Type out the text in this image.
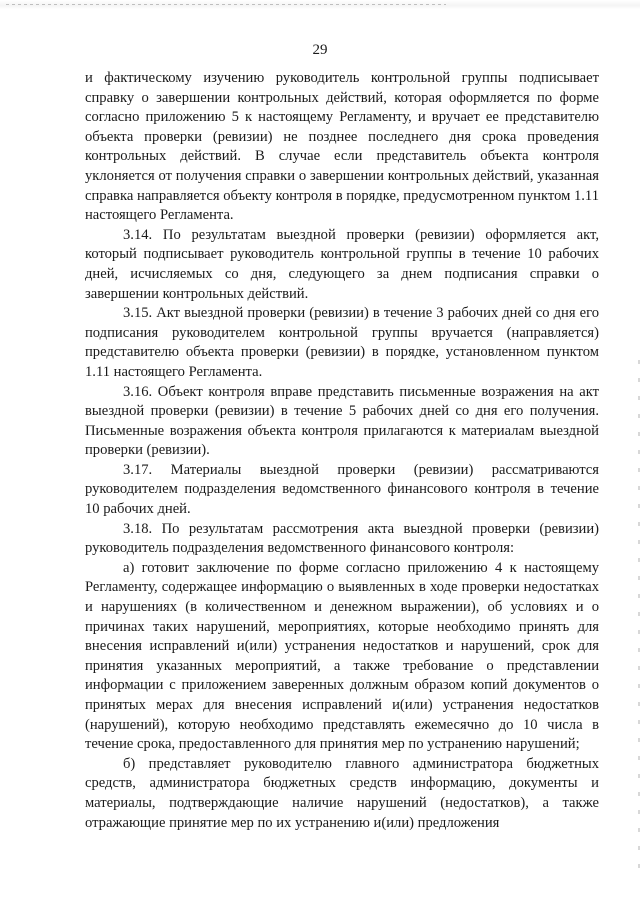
29

и фактическому изучению руководитель контрольной группы подписывает справку о завершении контрольных действий, которая оформляется по форме согласно приложению 5 к настоящему Регламенту, и вручает ее представителю объекта проверки (ревизии) не позднее последнего дня срока проведения контрольных действий. В случае если представитель объекта контроля уклоняется от получения справки о завершении контрольных действий, указанная справка направляется объекту контроля в порядке, предусмотренном пунктом 1.11 настоящего Регламента.

3.14. По результатам выездной проверки (ревизии) оформляется акт, который подписывает руководитель контрольной группы в течение 10 рабочих дней, исчисляемых со дня, следующего за днем подписания справки о завершении контрольных действий.

3.15. Акт выездной проверки (ревизии) в течение 3 рабочих дней со дня его подписания руководителем контрольной группы вручается (направляется) представителю объекта проверки (ревизии) в порядке, установленном пунктом 1.11 настоящего Регламента.

3.16. Объект контроля вправе представить письменные возражения на акт выездной проверки (ревизии) в течение 5 рабочих дней со дня его получения. Письменные возражения объекта контроля прилагаются к материалам выездной проверки (ревизии).

3.17. Материалы выездной проверки (ревизии) рассматриваются руководителем подразделения ведомственного финансового контроля в течение 10 рабочих дней.

3.18. По результатам рассмотрения акта выездной проверки (ревизии) руководитель подразделения ведомственного финансового контроля:

а) готовит заключение по форме согласно приложению 4 к настоящему Регламенту, содержащее информацию о выявленных в ходе проверки недостатках и нарушениях (в количественном и денежном выражении), об условиях и о причинах таких нарушений, мероприятиях, которые необходимо принять для внесения исправлений и(или) устранения недостатков и нарушений, срок для принятия указанных мероприятий, а также требование о представлении информации с приложением заверенных должным образом копий документов о принятых мерах для внесения исправлений и(или) устранения недостатков (нарушений), которую необходимо представлять ежемесячно до 10 числа в течение срока, предоставленного для принятия мер по устранению нарушений;

б) представляет руководителю главного администратора бюджетных средств, администратора бюджетных средств информацию, документы и материалы, подтверждающие наличие нарушений (недостатков), а также отражающие принятие мер по их устранению и(или) предложения
